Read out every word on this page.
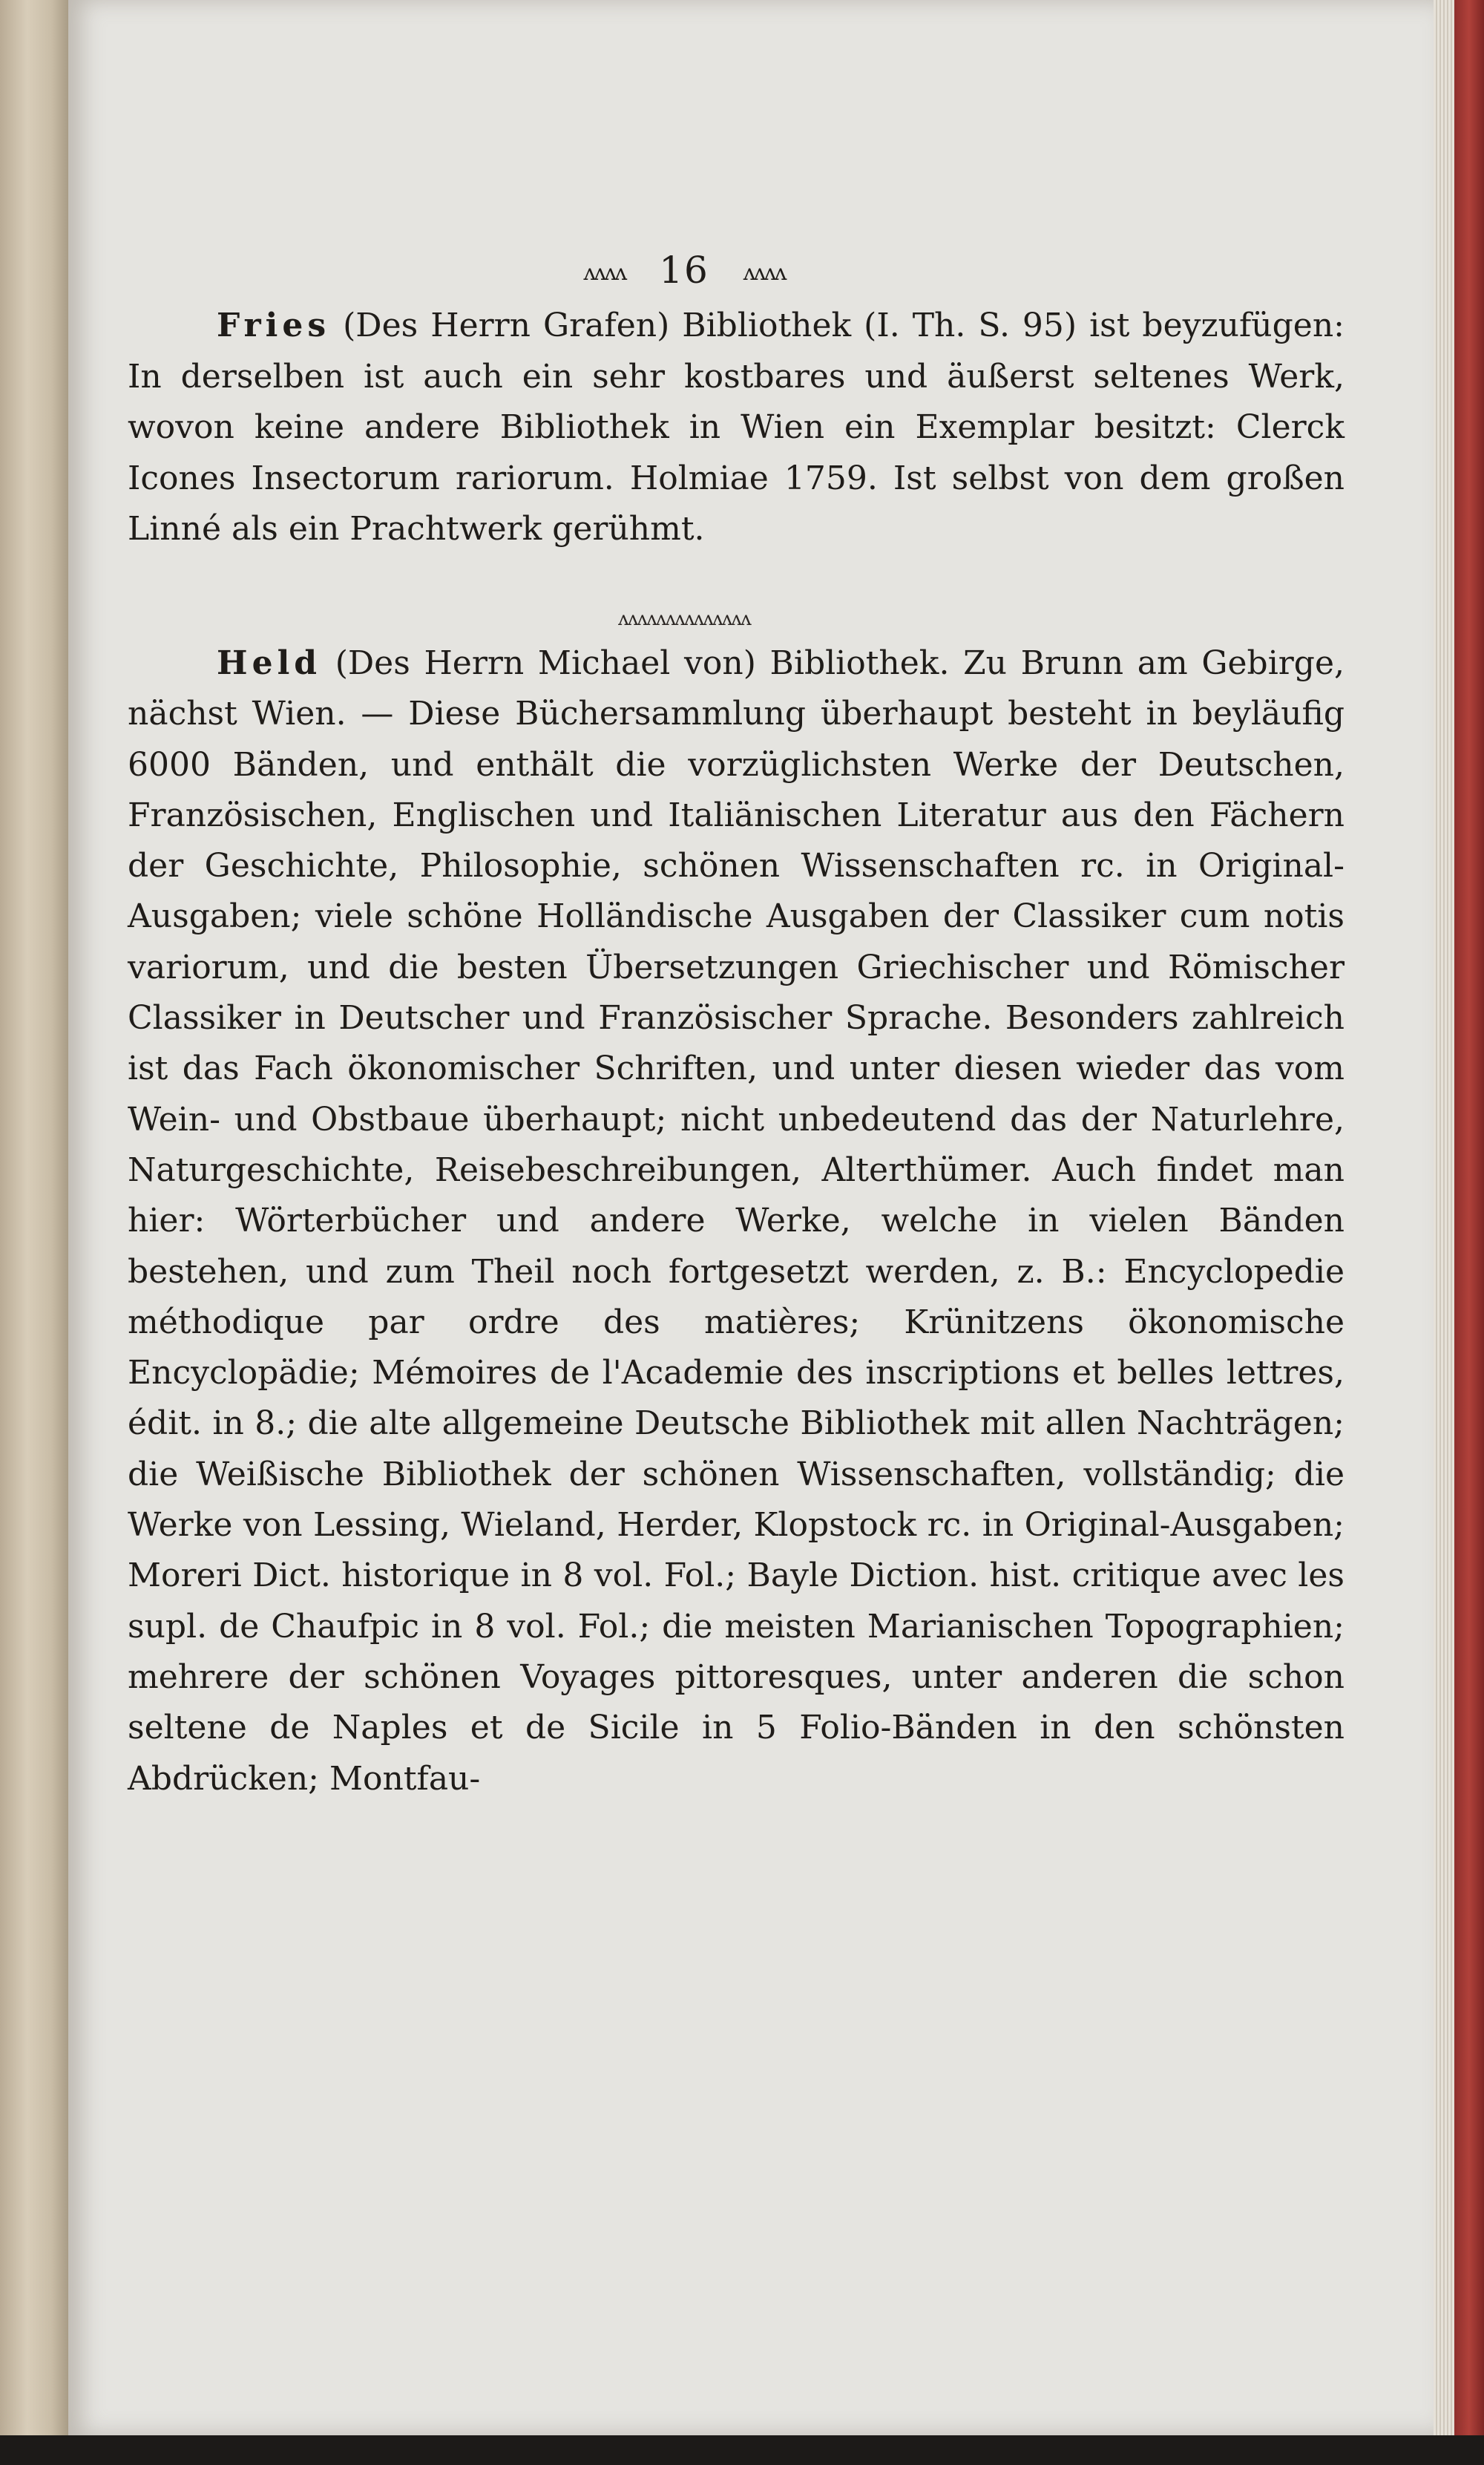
ᴧᴧᴧᴧ 16 ᴧᴧᴧᴧ

Fries (Des Herrn Grafen) Bibliothek (I. Th. S. 95) ist beyzufügen: In derselben ist auch ein sehr kostbares und äußerst seltenes Werk, wovon keine andere Bibliothek in Wien ein Exemplar besitzt: Clerck Icones Insectorum rariorum. Holmiae 1759. Ist selbst von dem großen Linné als ein Prachtwerk gerühmt.

ᴧᴧᴧᴧᴧᴧᴧᴧᴧᴧᴧᴧᴧᴧ

Held (Des Herrn Michael von) Bibliothek. Zu Brunn am Gebirge, nächst Wien. — Diese Büchersammlung überhaupt besteht in beyläufig 6000 Bänden, und enthält die vorzüglichsten Werke der Deutschen, Französischen, Englischen und Italiänischen Literatur aus den Fächern der Geschichte, Philosophie, schönen Wissenschaften rc. in Original-Ausgaben; viele schöne Holländische Ausgaben der Classiker cum notis variorum, und die besten Übersetzungen Griechischer und Römischer Classiker in Deutscher und Französischer Sprache. Besonders zahlreich ist das Fach ökonomischer Schriften, und unter diesen wieder das vom Wein- und Obstbaue überhaupt; nicht unbedeutend das der Naturlehre, Naturgeschichte, Reisebeschreibungen, Alterthümer. Auch findet man hier: Wörterbücher und andere Werke, welche in vielen Bänden bestehen, und zum Theil noch fortgesetzt werden, z. B.: Encyclopedie méthodique par ordre des matières; Krünitzens ökonomische Encyclopädie; Mémoires de l'Academie des inscriptions et belles lettres, édit. in 8.; die alte allgemeine Deutsche Bibliothek mit allen Nachträgen; die Weißische Bibliothek der schönen Wissenschaften, vollständig; die Werke von Lessing, Wieland, Herder, Klopstock rc. in Original-Ausgaben; Moreri Dict. historique in 8 vol. Fol.; Bayle Diction. hist. critique avec les supl. de Chaufpic in 8 vol. Fol.; die meisten Marianischen Topographien; mehrere der schönen Voyages pittoresques, unter anderen die schon seltene de Naples et de Sicile in 5 Folio-Bänden in den schönsten Abdrücken; Montfau-
